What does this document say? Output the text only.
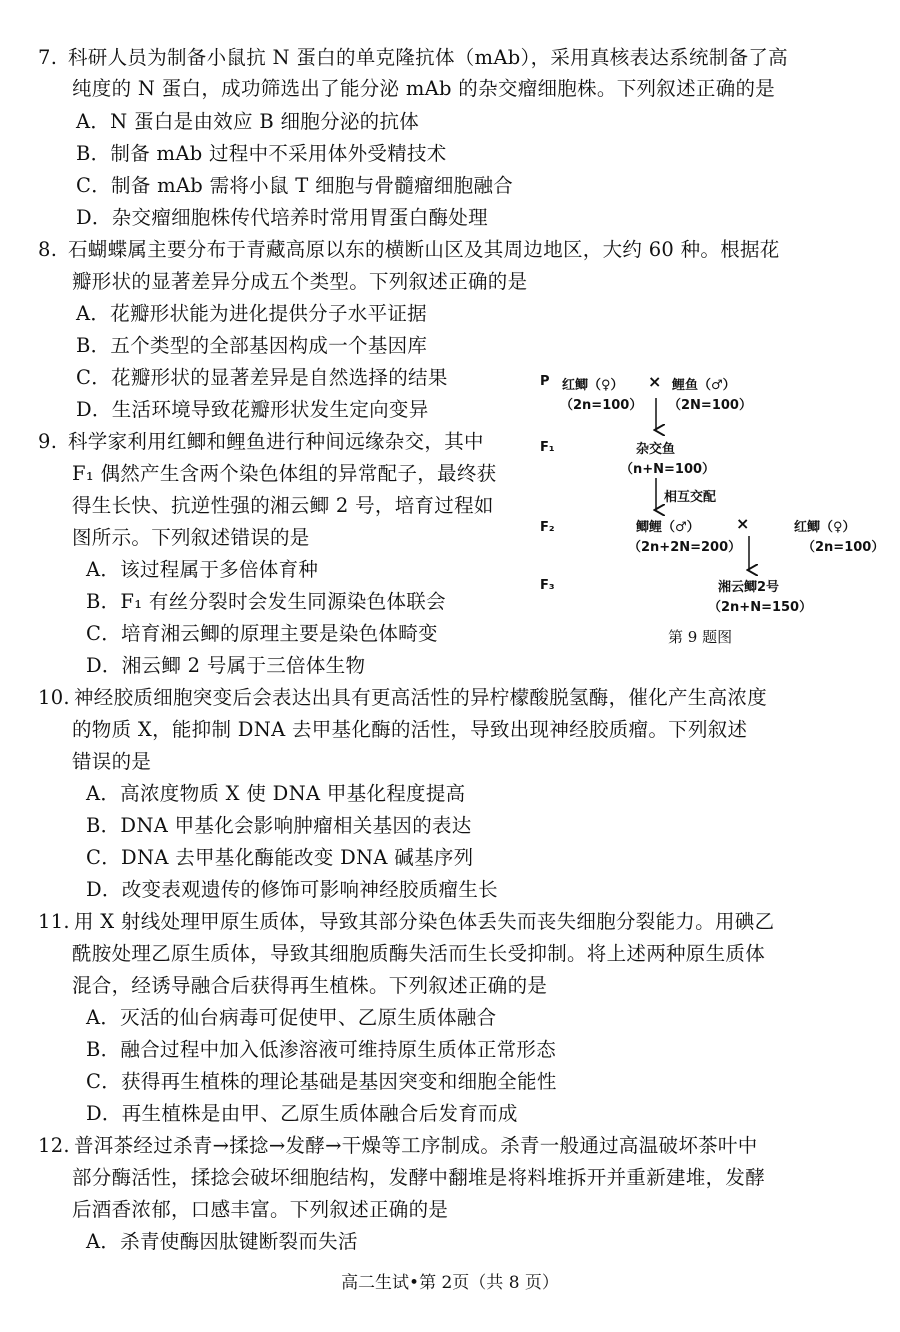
7. 科研人员为制备小鼠抗 N 蛋白的单克隆抗体（mAb），采用真核表达系统制备了高
纯度的 N 蛋白，成功筛选出了能分泌 mAb 的杂交瘤细胞株。下列叙述正确的是
A．N 蛋白是由效应 B 细胞分泌的抗体
B．制备 mAb 过程中不采用体外受精技术
C．制备 mAb 需将小鼠 T 细胞与骨髓瘤细胞融合
D．杂交瘤细胞株传代培养时常用胃蛋白酶处理
8. 石蝴蝶属主要分布于青藏高原以东的横断山区及其周边地区，大约 60 种。根据花
瓣形状的显著差异分成五个类型。下列叙述正确的是
A．花瓣形状能为进化提供分子水平证据
B．五个类型的全部基因构成一个基因库
C．花瓣形状的显著差异是自然选择的结果
D．生活环境导致花瓣形状发生定向变异
9. 科学家利用红鲫和鲤鱼进行种间远缘杂交，其中
F₁ 偶然产生含两个染色体组的异常配子，最终获
得生长快、抗逆性强的湘云鲫 2 号，培育过程如
图所示。下列叙述错误的是
A．该过程属于多倍体育种
B．F₁ 有丝分裂时会发生同源染色体联会
C．培育湘云鲫的原理主要是染色体畸变
D．湘云鲫 2 号属于三倍体生物
P 红鲫（♀） × 鲤鱼（♂）
（2n=100） （2N=100）
F₁	杂交鱼
（n+N=100）
相互交配
F₂	鲫鲤（♂） ×	红鲫（♀）
（2n+2N=200）	（2n=100）
F₃	湘云鲫2号
（2n+N=150）
第 9 题图
10. 神经胶质细胞突变后会表达出具有更高活性的异柠檬酸脱氢酶，催化产生高浓度
的物质 X，能抑制 DNA 去甲基化酶的活性，导致出现神经胶质瘤。下列叙述
错误的是
A．高浓度物质 X 使 DNA 甲基化程度提高
B．DNA 甲基化会影响肿瘤相关基因的表达
C．DNA 去甲基化酶能改变 DNA 碱基序列
D．改变表观遗传的修饰可影响神经胶质瘤生长
11. 用 X 射线处理甲原生质体，导致其部分染色体丢失而丧失细胞分裂能力。用碘乙
酰胺处理乙原生质体，导致其细胞质酶失活而生长受抑制。将上述两种原生质体
混合，经诱导融合后获得再生植株。下列叙述正确的是
A．灭活的仙台病毒可促使甲、乙原生质体融合
B．融合过程中加入低渗溶液可维持原生质体正常形态
C．获得再生植株的理论基础是基因突变和细胞全能性
D．再生植株是由甲、乙原生质体融合后发育而成
12. 普洱茶经过杀青→揉捻→发酵→干燥等工序制成。杀青一般通过高温破坏茶叶中
部分酶活性，揉捻会破坏细胞结构，发酵中翻堆是将料堆拆开并重新建堆，发酵
后酒香浓郁，口感丰富。下列叙述正确的是
A．杀青使酶因肽键断裂而失活
高二生试•第 2页（共 8 页）
